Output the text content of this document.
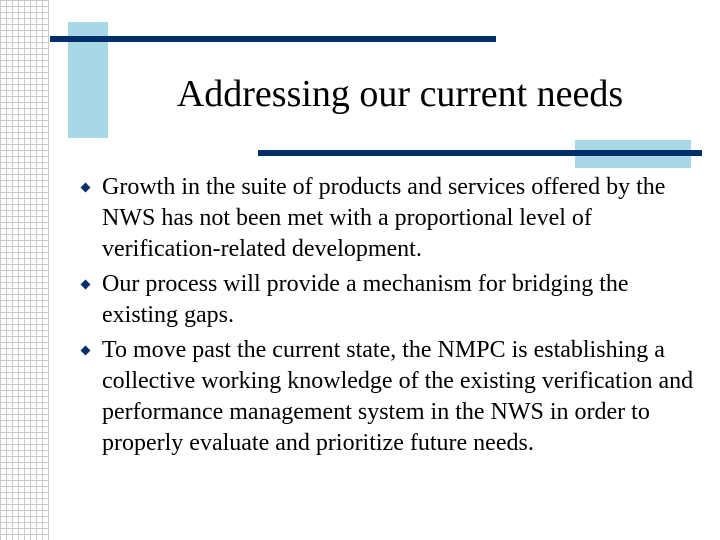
Addressing our current needs
Growth in the suite of products and services offered by the NWS has not been met with a proportional level of verification-related development.
Our process will provide a mechanism for bridging the existing gaps.
To move past the current state, the NMPC is establishing a collective working knowledge of the existing verification and performance management system in the NWS in order to properly evaluate and prioritize future needs.
